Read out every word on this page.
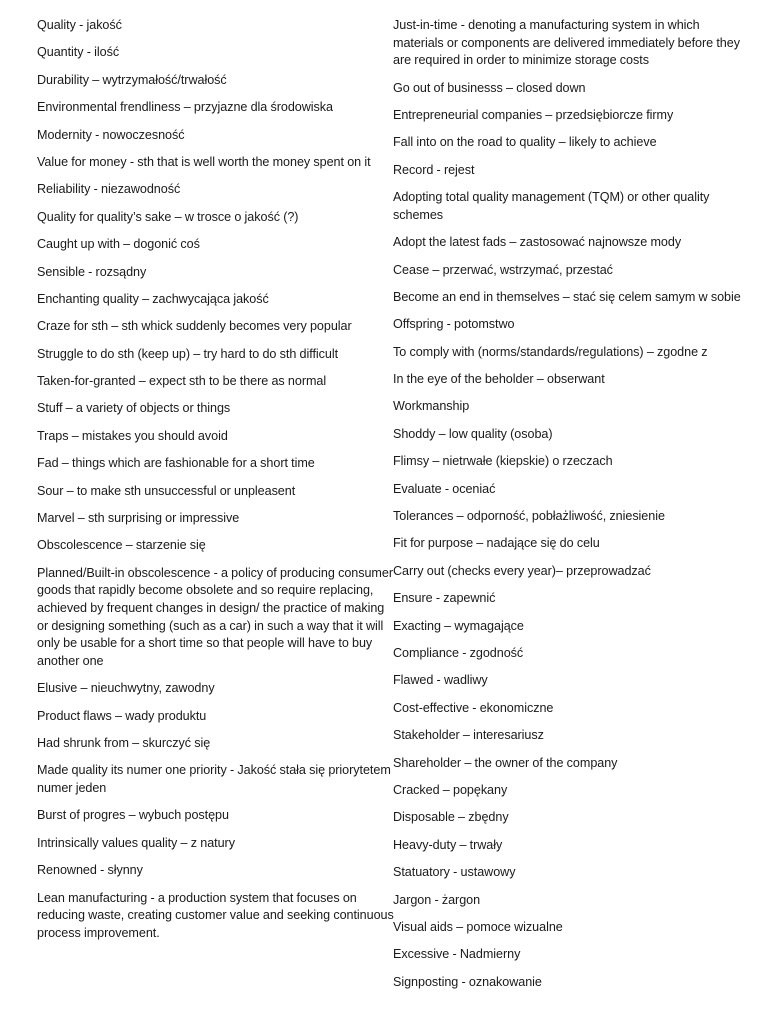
Quality - jakość

Quantity - ilość

Durability – wytrzymałość/trwałość

Environmental frendliness – przyjazne dla środowiska

Modernity - nowoczesność

Value for money - sth that is well worth the money spent on it

Reliability - niezawodność

Quality for quality’s sake – w trosce o jakość (?)

Caught up with – dogonić coś

Sensible - rozsądny

Enchanting quality – zachwycająca jakość

Craze for sth – sth whick suddenly becomes very popular

Struggle to do sth (keep up) – try hard to do sth difficult

Taken-for-granted – expect sth to be there as normal

Stuff – a variety of objects or things

Traps – mistakes you should avoid

Fad – things which are fashionable for a short time

Sour – to make sth unsuccessful or unpleasent

Marvel – sth surprising or impressive

Obscolescence – starzenie się

Planned/Built-in obscolescence - a policy of producing consumer goods that rapidly become obsolete and so require replacing, achieved by frequent changes in design/ the practice of making or designing something (such as a car) in such a way that it will only be usable for a short time so that people will have to buy another one

Elusive – nieuchwytny, zawodny

Product flaws – wady produktu

Had shrunk from – skurczyć się

Made quality its numer one priority - Jakość stała się priorytetem numer jeden

Burst of progres – wybuch postępu

Intrinsically values quality – z natury

Renowned - słynny

Lean manufacturing - a production system that focuses on reducing waste, creating customer value and seeking continuous process improvement.

Just-in-time - denoting a manufacturing system in which materials or components are delivered immediately before they are required in order to minimize storage costs

Go out of businesss – closed down

Entrepreneurial companies – przedsiębiorcze firmy

Fall into on the road to quality – likely to achieve

Record - rejest

Adopting total quality management (TQM) or other quality schemes

Adopt the latest fads – zastosować najnowsze mody

Cease – przerwać, wstrzymać, przestać

Become an end in themselves – stać się celem samym w sobie

Offspring - potomstwo

To comply with (norms/standards/regulations) – zgodne z

In the eye of the beholder – obserwant

Workmanship

Shoddy – low quality (osoba)

Flimsy – nietrwałe (kiepskie) o rzeczach

Evaluate - oceniać

Tolerances – odporność, pobłażliwość, zniesienie

Fit for purpose – nadające się do celu

Carry out (checks every year)– przeprowadzać

Ensure - zapewnić

Exacting – wymagające

Compliance - zgodność

Flawed - wadliwy

Cost-effective - ekonomiczne

Stakeholder – interesariusz

Shareholder – the owner of the company

Cracked – popękany

Disposable – zbędny

Heavy-duty – trwały

Statuatory - ustawowy

Jargon - żargon

Visual aids – pomoce wizualne

Excessive - Nadmierny

Signposting - oznakowanie
